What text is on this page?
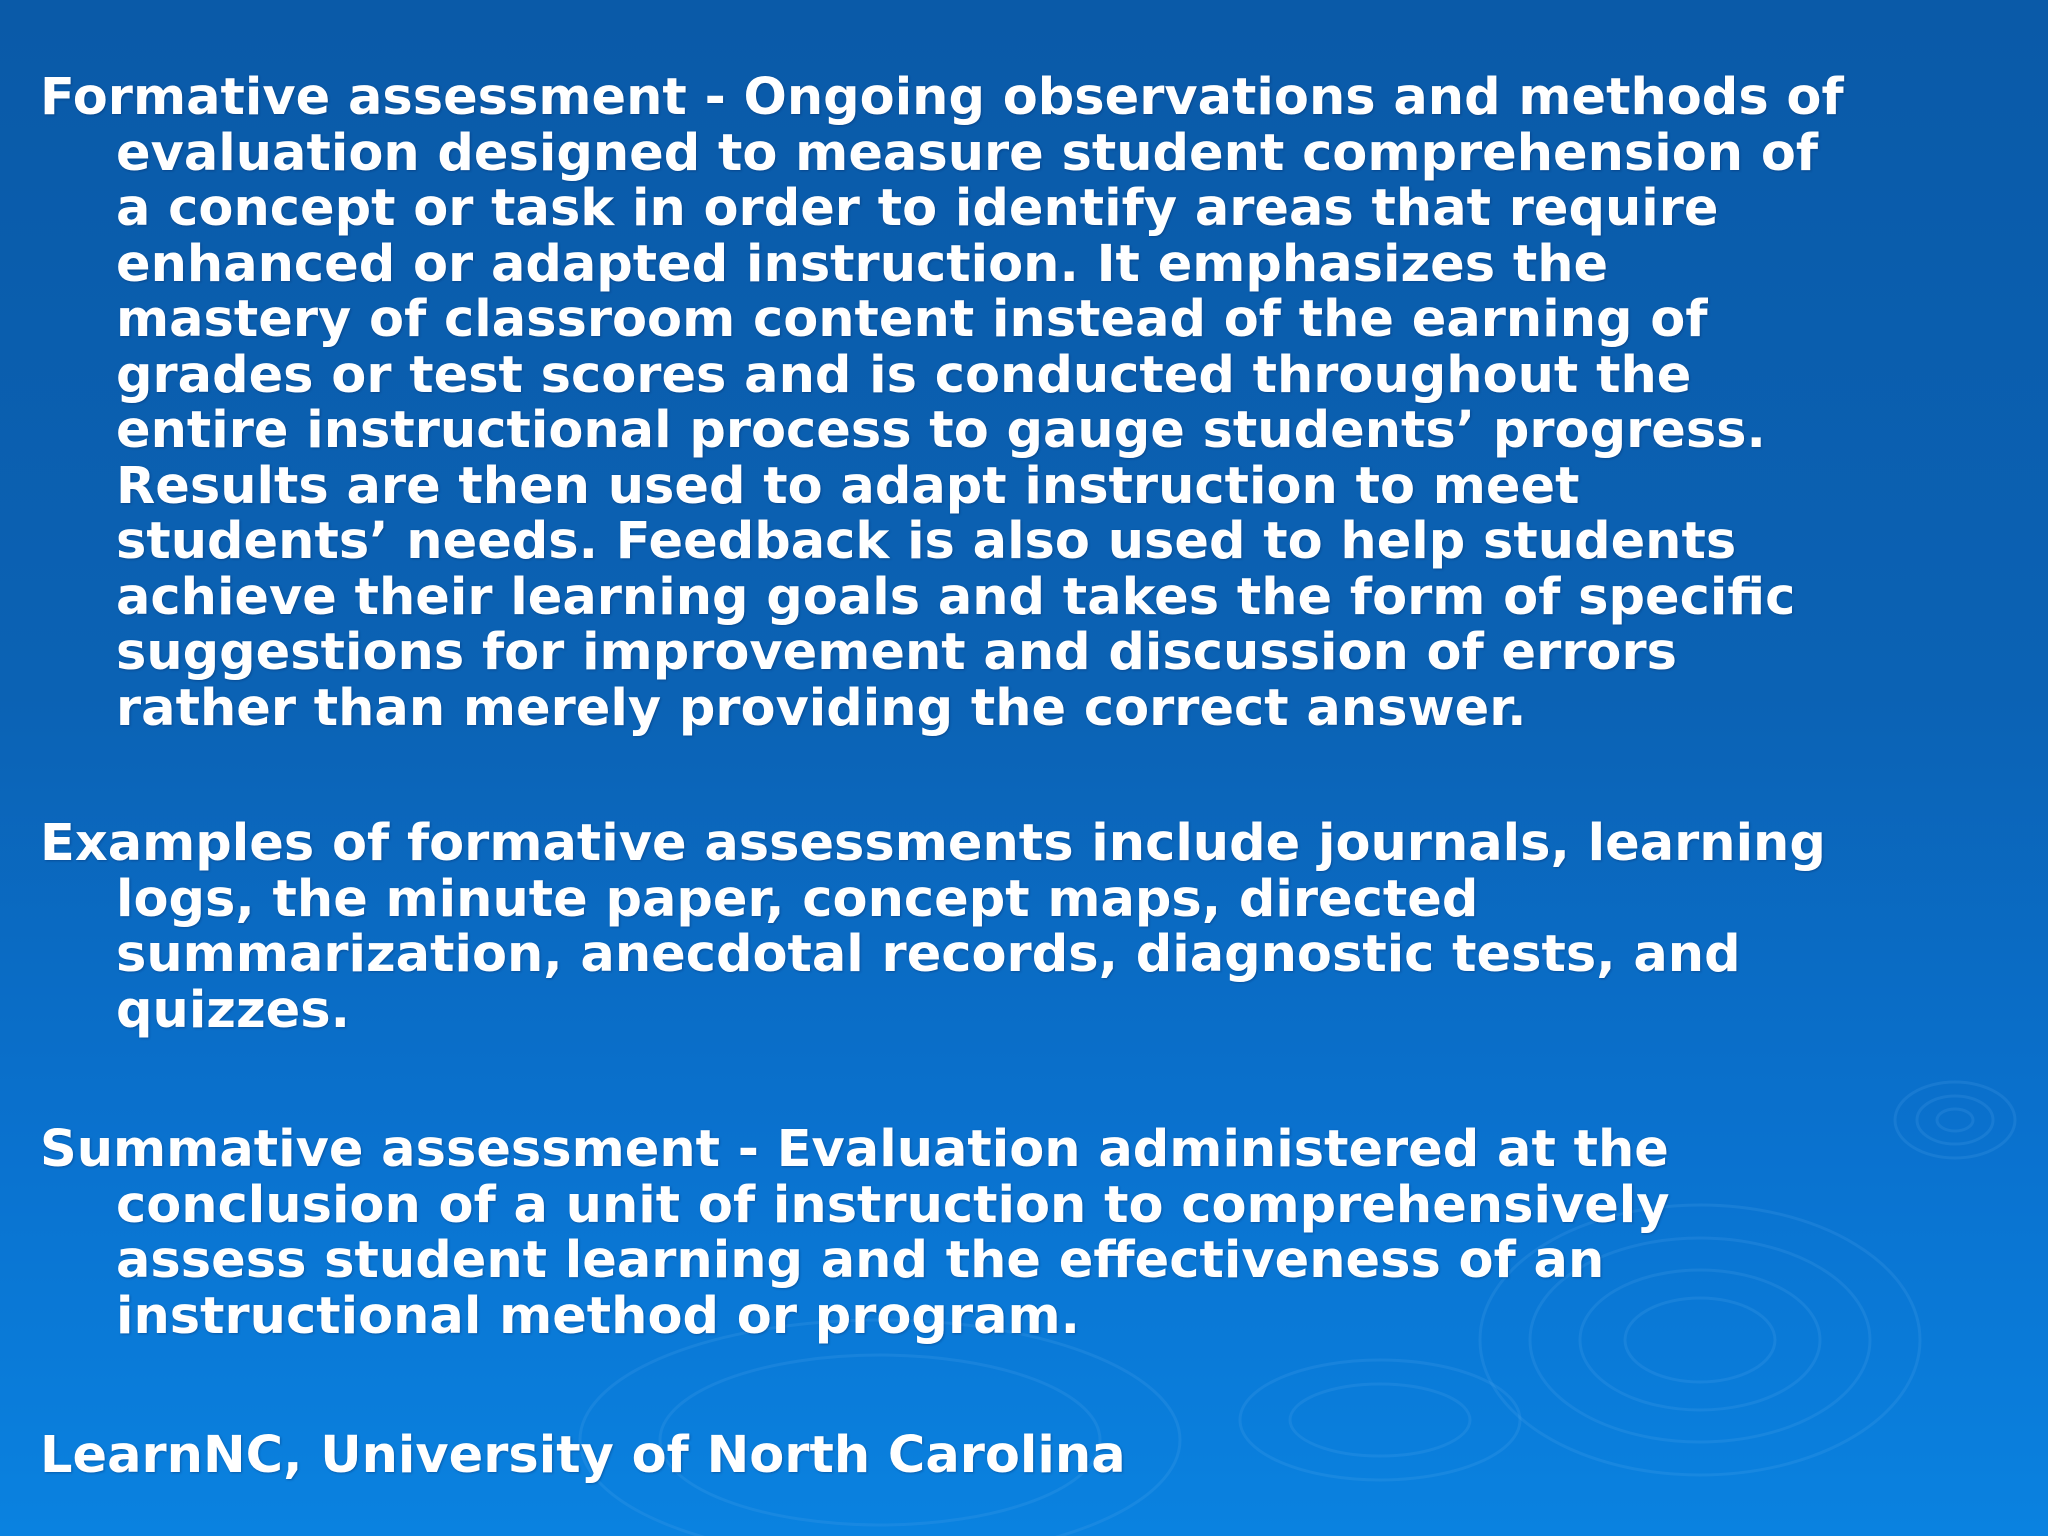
Formative assessment - Ongoing observations and methods of
evaluation designed to measure student comprehension of
a concept or task in order to identify areas that require
enhanced or adapted instruction. It emphasizes the
mastery of classroom content instead of the earning of
grades or test scores and is conducted throughout the
entire instructional process to gauge students’ progress.
Results are then used to adapt instruction to meet
students’ needs. Feedback is also used to help students
achieve their learning goals and takes the form of specific
suggestions for improvement and discussion of errors
rather than merely providing the correct answer.

Examples of formative assessments include journals, learning
logs, the minute paper, concept maps, directed
summarization, anecdotal records, diagnostic tests, and
quizzes.

Summative assessment - Evaluation administered at the
conclusion of a unit of instruction to comprehensively
assess student learning and the effectiveness of an
instructional method or program.

LearnNC, University of North Carolina
